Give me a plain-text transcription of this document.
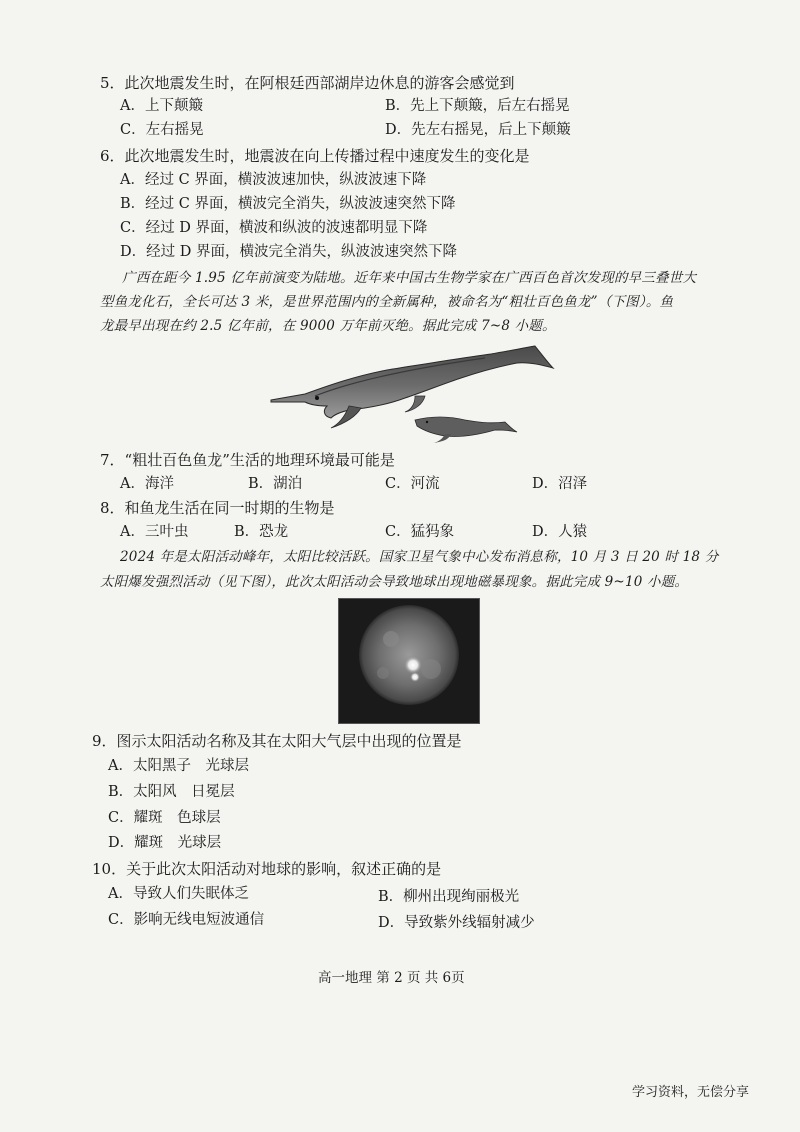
5．此次地震发生时，在阿根廷西部湖岸边休息的游客会感觉到
A．上下颠簸	B．先上下颠簸，后左右摇晃
C．左右摇晃	D．先左右摇晃，后上下颠簸
6．此次地震发生时，地震波在向上传播过程中速度发生的变化是
A．经过 C 界面，横波波速加快，纵波波速下降
B．经过 C 界面，横波完全消失，纵波波速突然下降
C．经过 D 界面，横波和纵波的波速都明显下降
D．经过 D 界面，横波完全消失，纵波波速突然下降
广西在距今 1.95 亿年前演变为陆地。近年来中国古生物学家在广西百色首次发现的早三叠世大
型鱼龙化石，全长可达 3 米，是世界范围内的全新属种，被命名为“粗壮百色鱼龙”（下图）。鱼
龙最早出现在约 2.5 亿年前，在 9000 万年前灭绝。据此完成 7~8 小题。
7．“粗壮百色鱼龙”生活的地理环境最可能是
A．海洋	B．湖泊	C．河流	D．沼泽
8．和鱼龙生活在同一时期的生物是
A．三叶虫	B．恐龙	C．猛犸象	D．人猿
2024 年是太阳活动峰年，太阳比较活跃。国家卫星气象中心发布消息称，10 月 3 日 20 时 18 分
太阳爆发强烈活动（见下图），此次太阳活动会导致地球出现地磁暴现象。据此完成 9~10 小题。
9．图示太阳活动名称及其在太阳大气层中出现的位置是
A．太阳黑子　光球层
B．太阳风　日冕层
C．耀斑　色球层
D．耀斑　光球层
10．关于此次太阳活动对地球的影响，叙述正确的是
A．导致人们失眠体乏	B．柳州出现绚丽极光
C．影响无线电短波通信	D．导致紫外线辐射减少
高一地理 第 2 页 共 6页
学习资料，无偿分享
